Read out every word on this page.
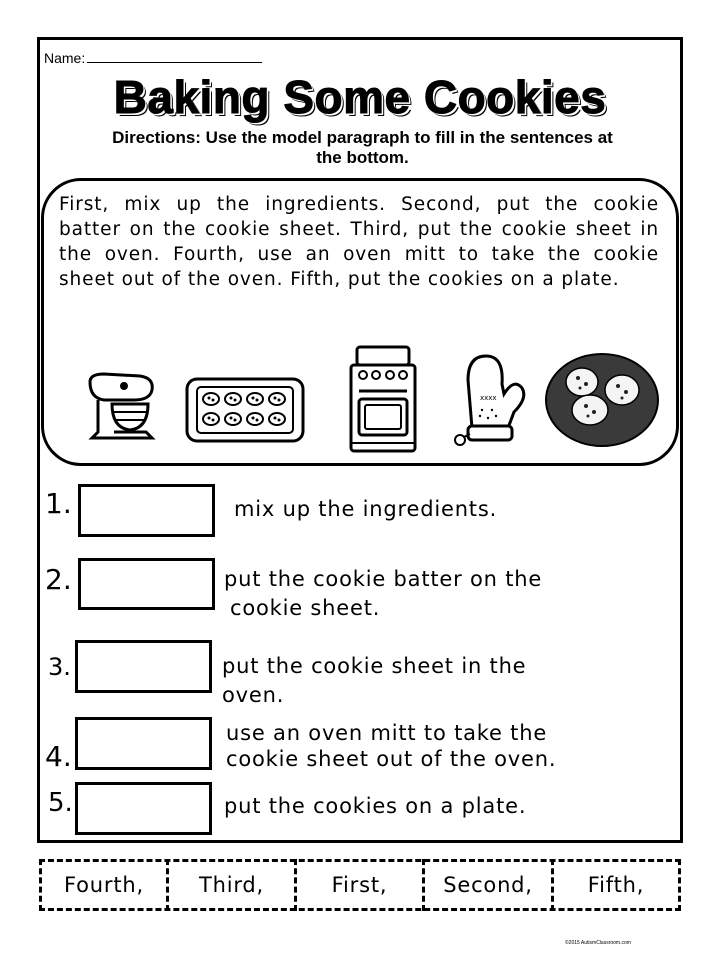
Name:
Baking Some Cookies
Directions: Use the model paragraph to fill in the sentences at the bottom.
First, mix up the ingredients. Second, put the cookie batter on the cookie sheet. Third, put the cookie sheet in the oven. Fourth, use an oven mitt to take the cookie sheet out of the oven. Fifth, put the cookies on a plate.
xxxx
1.	mix up the ingredients.
2.	put the cookie batter on the
cookie sheet.
3.	put the cookie sheet in the
oven.
4.
use an oven mitt to take the
cookie sheet out of the oven.
5.	put the cookies on a plate.
Fourth,	Third,	First,	Second,	Fifth,
©2015 AutismClassroom.com
